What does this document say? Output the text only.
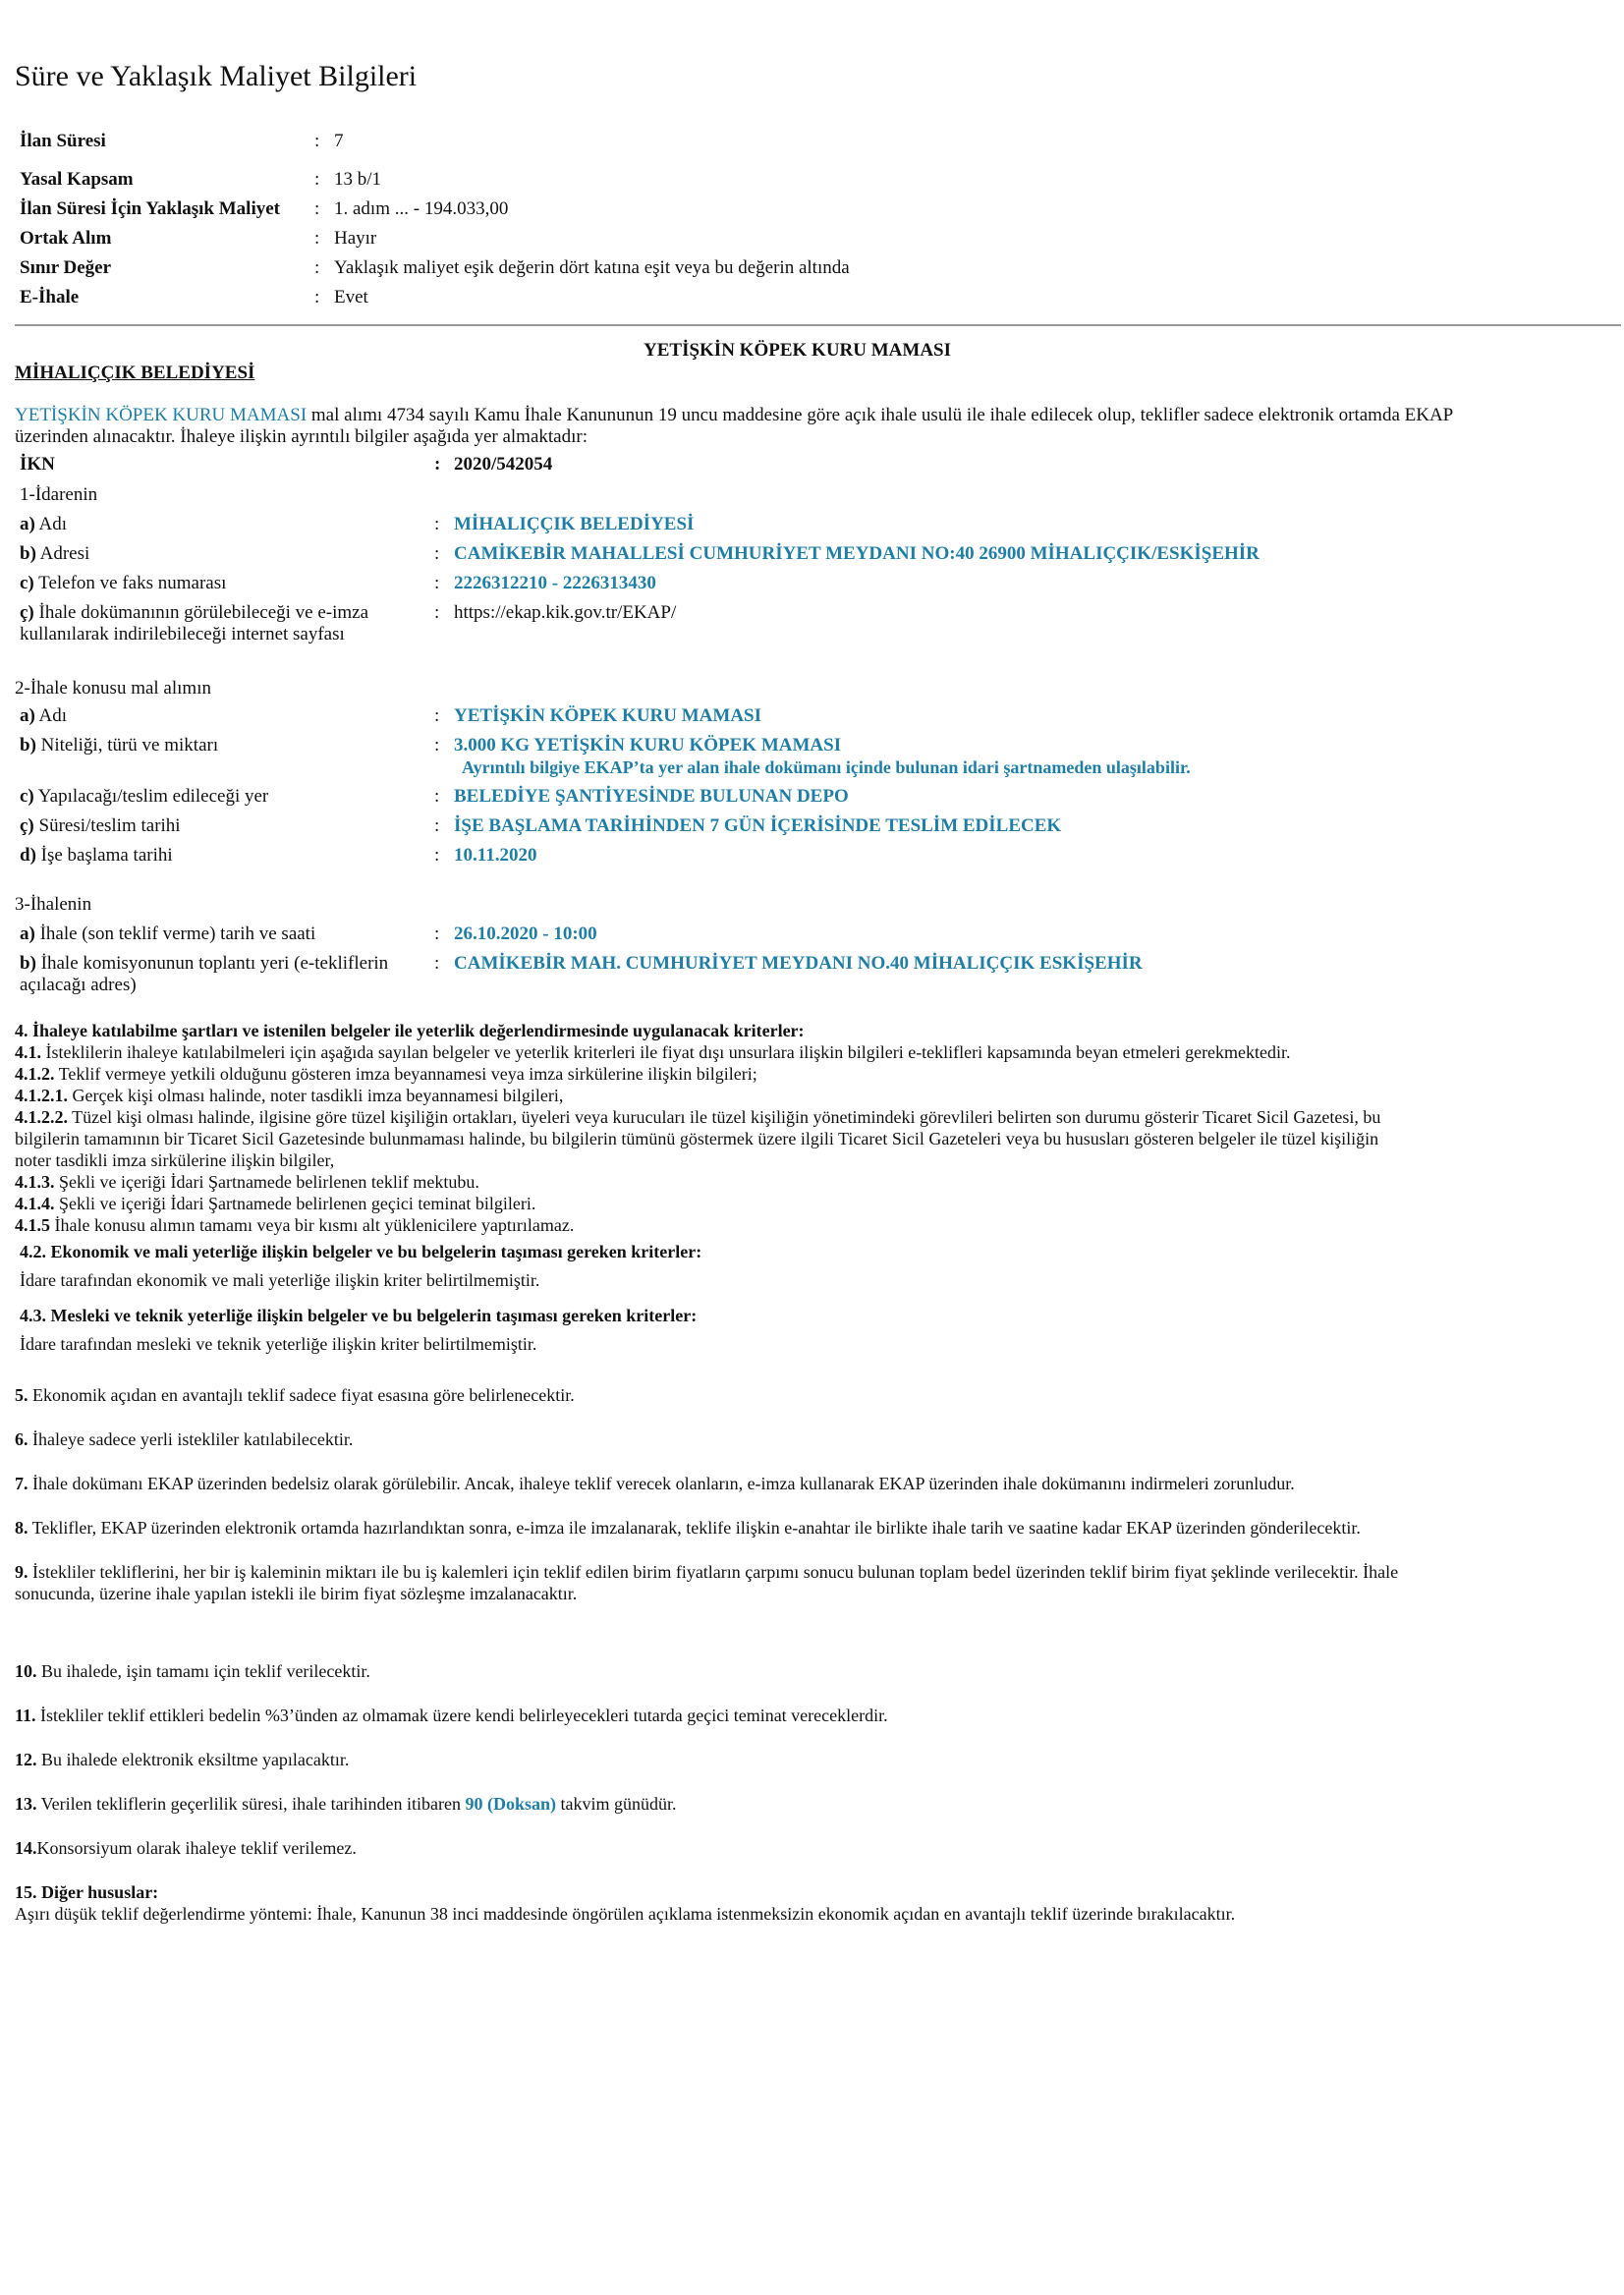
Süre ve Yaklaşık Maliyet Bilgileri
İlan Süresi	: 7
Yasal Kapsam	: 13 b/1
İlan Süresi İçin Yaklaşık Maliyet : 1. adım ... - 194.033,00
Ortak Alım	: Hayır
Sınır Değer	: Yaklaşık maliyet eşik değerin dört katına eşit veya bu değerin altında
E-İhale	: Evet
MİHALIÇÇIK BELEDİYESİ
YETİŞKİN KÖPEK KURU MAMASI
YETİŞKİN KÖPEK KURU MAMASI mal alımı 4734 sayılı Kamu İhale Kanununun 19 uncu maddesine göre açık ihale usulü ile ihale edilecek olup, teklifler sadece elektronik ortamda EKAP
üzerinden alınacaktır. İhaleye ilişkin ayrıntılı bilgiler aşağıda yer almaktadır:
İKN	: 2020/542054
1-İdarenin
a) Adı	: MİHALIÇÇIK BELEDİYESİ
b) Adresi	: CAMİKEBİR MAHALLESİ CUMHURİYET MEYDANI NO:40 26900 MİHALIÇÇIK/ESKİŞEHİR
c) Telefon ve faks numarası	: 2226312210 - 2226313430
ç) İhale dokümanının görülebileceği ve e-imza
kullanılarak indirilebileceği internet sayfası
: https://ekap.kik.gov.tr/EKAP/
2-İhale konusu mal alımın
a) Adı	: YETİŞKİN KÖPEK KURU MAMASI
b) Niteliği, türü ve miktarı	: 3.000 KG YETİŞKİN KURU KÖPEK MAMASI
Ayrıntılı bilgiye EKAP’ta yer alan ihale dokümanı içinde bulunan idari şartnameden ulaşılabilir.
c) Yapılacağı/teslim edileceği yer	: BELEDİYE ŞANTİYESİNDE BULUNAN DEPO
ç) Süresi/teslim tarihi	: İŞE BAŞLAMA TARİHİNDEN 7 GÜN İÇERİSİNDE TESLİM EDİLECEK
d) İşe başlama tarihi	: 10.11.2020
3-İhalenin
a) İhale (son teklif verme) tarih ve saati	: 26.10.2020 - 10:00
b) İhale komisyonunun toplantı yeri (e-tekliflerin
açılacağı adres)
: CAMİKEBİR MAH. CUMHURİYET MEYDANI NO.40 MİHALIÇÇIK ESKİŞEHİR
4. İhaleye katılabilme şartları ve istenilen belgeler ile yeterlik değerlendirmesinde uygulanacak kriterler:
4.1. İsteklilerin ihaleye katılabilmeleri için aşağıda sayılan belgeler ve yeterlik kriterleri ile fiyat dışı unsurlara ilişkin bilgileri e-teklifleri kapsamında beyan etmeleri gerekmektedir.
4.1.2. Teklif vermeye yetkili olduğunu gösteren imza beyannamesi veya imza sirkülerine ilişkin bilgileri;
4.1.2.1. Gerçek kişi olması halinde, noter tasdikli imza beyannamesi bilgileri,
4.1.2.2. Tüzel kişi olması halinde, ilgisine göre tüzel kişiliğin ortakları, üyeleri veya kurucuları ile tüzel kişiliğin yönetimindeki görevlileri belirten son durumu gösterir Ticaret Sicil Gazetesi, bu
bilgilerin tamamının bir Ticaret Sicil Gazetesinde bulunmaması halinde, bu bilgilerin tümünü göstermek üzere ilgili Ticaret Sicil Gazeteleri veya bu hususları gösteren belgeler ile tüzel kişiliğin
noter tasdikli imza sirkülerine ilişkin bilgiler,
4.1.3. Şekli ve içeriği İdari Şartnamede belirlenen teklif mektubu.
4.1.4. Şekli ve içeriği İdari Şartnamede belirlenen geçici teminat bilgileri.
4.1.5 İhale konusu alımın tamamı veya bir kısmı alt yüklenicilere yaptırılamaz.
4.2. Ekonomik ve mali yeterliğe ilişkin belgeler ve bu belgelerin taşıması gereken kriterler:
İdare tarafından ekonomik ve mali yeterliğe ilişkin kriter belirtilmemiştir.
4.3. Mesleki ve teknik yeterliğe ilişkin belgeler ve bu belgelerin taşıması gereken kriterler:
İdare tarafından mesleki ve teknik yeterliğe ilişkin kriter belirtilmemiştir.
5. Ekonomik açıdan en avantajlı teklif sadece fiyat esasına göre belirlenecektir.
6. İhaleye sadece yerli istekliler katılabilecektir.
7. İhale dokümanı EKAP üzerinden bedelsiz olarak görülebilir. Ancak, ihaleye teklif verecek olanların, e-imza kullanarak EKAP üzerinden ihale dokümanını indirmeleri zorunludur.
8. Teklifler, EKAP üzerinden elektronik ortamda hazırlandıktan sonra, e-imza ile imzalanarak, teklife ilişkin e-anahtar ile birlikte ihale tarih ve saatine kadar EKAP üzerinden gönderilecektir.
9. İstekliler tekliflerini, her bir iş kaleminin miktarı ile bu iş kalemleri için teklif edilen birim fiyatların çarpımı sonucu bulunan toplam bedel üzerinden teklif birim fiyat şeklinde verilecektir. İhale
sonucunda, üzerine ihale yapılan istekli ile birim fiyat sözleşme imzalanacaktır.
10. Bu ihalede, işin tamamı için teklif verilecektir.
11. İstekliler teklif ettikleri bedelin %3’ünden az olmamak üzere kendi belirleyecekleri tutarda geçici teminat vereceklerdir.
12. Bu ihalede elektronik eksiltme yapılacaktır.
13. Verilen tekliflerin geçerlilik süresi, ihale tarihinden itibaren 90 (Doksan) takvim günüdür.
14.Konsorsiyum olarak ihaleye teklif verilemez.
15. Diğer hususlar:
Aşırı düşük teklif değerlendirme yöntemi: İhale, Kanunun 38 inci maddesinde öngörülen açıklama istenmeksizin ekonomik açıdan en avantajlı teklif üzerinde bırakılacaktır.
